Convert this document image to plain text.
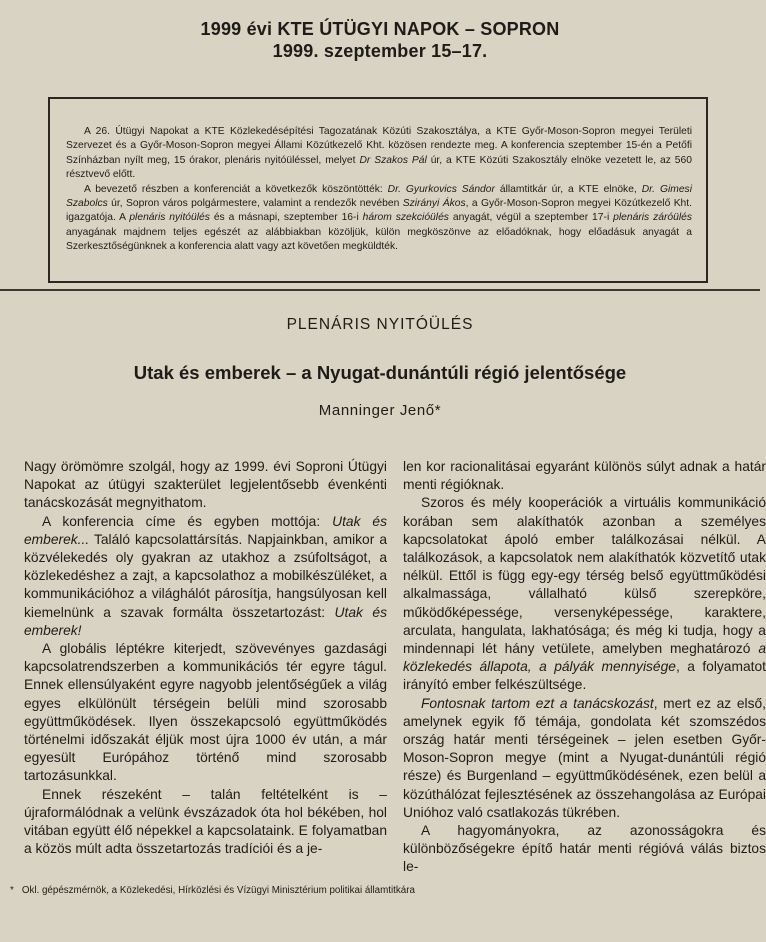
1999 évi KTE ÚTÜGYI NAPOK – SOPRON
1999. szeptember 15–17.

A 26. Útügyi Napokat a KTE Közlekedésépítési Tagozatának Közúti Szakosztálya, a KTE Győr-Moson-Sopron megyei Területi Szervezet és a Győr-Moson-Sopron megyei Állami Közútkezelő Kht. közösen rendezte meg. A konferencia szeptember 15-én a Petőfi Színházban nyílt meg, 15 órakor, plenáris nyitóüléssel, melyet Dr Szakos Pál úr, a KTE Közúti Szakosztály elnöke vezetett le, az 560 résztvevő előtt.

A bevezető részben a konferenciát a következők köszöntötték: Dr. Gyurkovics Sándor államtitkár úr, a KTE elnöke, Dr. Gimesi Szabolcs úr, Sopron város polgármestere, valamint a rendezők nevében Szirányi Ákos, a Győr-Moson-Sopron megyei Közútkezelő Kht. igazgatója. A plenáris nyitóülés és a másnapi, szeptember 16-i három szekcióülés anyagát, végül a szeptember 17-i plenáris záróülés anyagának majdnem teljes egészét az alábbiakban közöljük, külön megköszönve az előadóknak, hogy előadásuk anyagát a Szerkesztőségünknek a konferencia alatt vagy azt követően megküldték.

PLENÁRIS NYITÓÜLÉS
Utak és emberek – a Nyugat-dunántúli régió jelentősége
Manninger Jenő*

Nagy örömömre szolgál, hogy az 1999. évi Soproni Útügyi Napokat az útügyi szakterület legjelentősebb évenkénti tanácskozását megnyithatom.

A konferencia címe és egyben mottója: Utak és emberek... Találó kapcsolattársítás. Napjainkban, amikor a közvélekedés oly gyakran az utakhoz a zsúfoltságot, a közlekedéshez a zajt, a kapcsolathoz a mobilkészüléket, a kommunikációhoz a világhálót párosítja, hangsúlyosan kell kiemelnünk a szavak formálta összetartozást: Utak és emberek!

A globális léptékre kiterjedt, szövevényes gazdasági kapcsolatrendszerben a kommunikációs tér egyre tágul. Ennek ellensúlyaként egyre nagyobb jelentőségűek a világ egyes elkülönült térségein belüli mind szorosabb együttműködések. Ilyen összekapcsoló együttműködés történelmi időszakát éljük most újra 1000 év után, a már egyesült Európához történő mind szorosabb tartozásunkkal.

Ennek részeként – talán feltételként is – újraformálódnak a velünk évszázadok óta hol békében, hol vitában együtt élő népekkel a kapcsolataink. E folyamatban a közös múlt adta összetartozás tradíciói és a je-

len kor racionalitásai egyaránt különös súlyt adnak a határ menti régióknak.

Szoros és mély kooperációk a virtuális kommunikáció korában sem alakíthatók azonban a személyes kapcsolatokat ápoló ember találkozásai nélkül. A találkozások, a kapcsolatok nem alakíthatók közvetítő utak nélkül. Ettől is függ egy-egy térség belső együttműködési alkalmassága, vállalható külső szerepköre, működőképessége, versenyképessége, karaktere, arculata, hangulata, lakhatósága; és még ki tudja, hogy a mindennapi lét hány vetülete, amelyben meghatározó a közlekedés állapota, a pályák mennyisége, a folyamatot irányító ember felkészültsége.

Fontosnak tartom ezt a tanácskozást, mert ez az első, amelynek egyik fő témája, gondolata két szomszédos ország határ menti térségeinek – jelen esetben Győr-Moson-Sopron megye (mint a Nyugat-dunántúli régió része) és Burgenland – együttműködésének, ezen belül a közúthálózat fejlesztésének az összehangolása az Európai Unióhoz való csatlakozás tükrében.

A hagyományokra, az azonosságokra és különbözőségekre építő határ menti régióvá válás biztos le-

* Okl. gépészmérnök, a Közlekedési, Hírközlési és Vízügyi Minisztérium politikai államtitkára
